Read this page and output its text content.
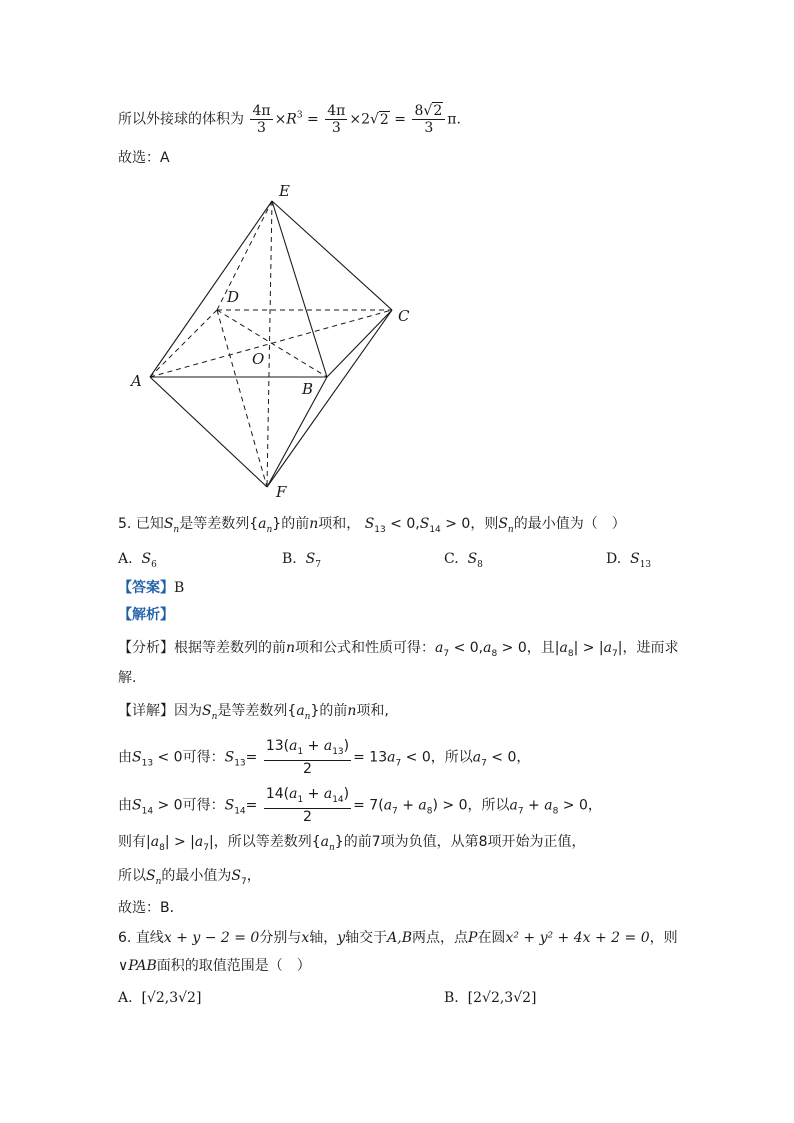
所以外接球的体积为 $\frac{4\pi}{3} \times R^3 = \frac{4\pi}{3} \times 2√2 = \frac{8√2}{3} \pi$.
故选：A
E
D
C
O
A	B
F
5. 已知$S_n$是等差数列$\{a_n\}$的前n项和， $S_{13} < 0,S_{14} > 0$，则$S_n$的最小值为（　）
A. $S_6$	B. $S_7$	C. $S_8$	D. $S_{13}$
【答案】B
【解析】
【分析】根据等差数列的前n项和公式和性质可得：$a_7 < 0,a_8 > 0$，且$|a_8| > |a_7|$，进而求
解.
【详解】因为$S_n$是等差数列$\{a_n\}$的前n项和,
由$S_{13} < 0$可得：$S_{13}= \frac{13(a_1 + a_{13})}{2} = 13a_7 < 0$，所以$a_7 < 0$，
由$S_{14} > 0$可得：$S_{14}= \frac{14(a_1 + a_{14})}{2} = 7(a_7 + a_8) > 0$，所以$a_7 + a_8 > 0$，
则有$|a_8| > |a_7|$，所以等差数列$\{a_n\}$的前7项为负值，从第8项开始为正值，
所以$S_n$的最小值为$S_7$，
故选：B．
6. 直线x + y − 2 = 0分别与x轴，y轴交于A,B两点，点P在圆x² + y² + 4x + 2 = 0，则
∨PAB面积的取值范围是（　）
A. [√2,3√2]	B. [2√2,3√2]
